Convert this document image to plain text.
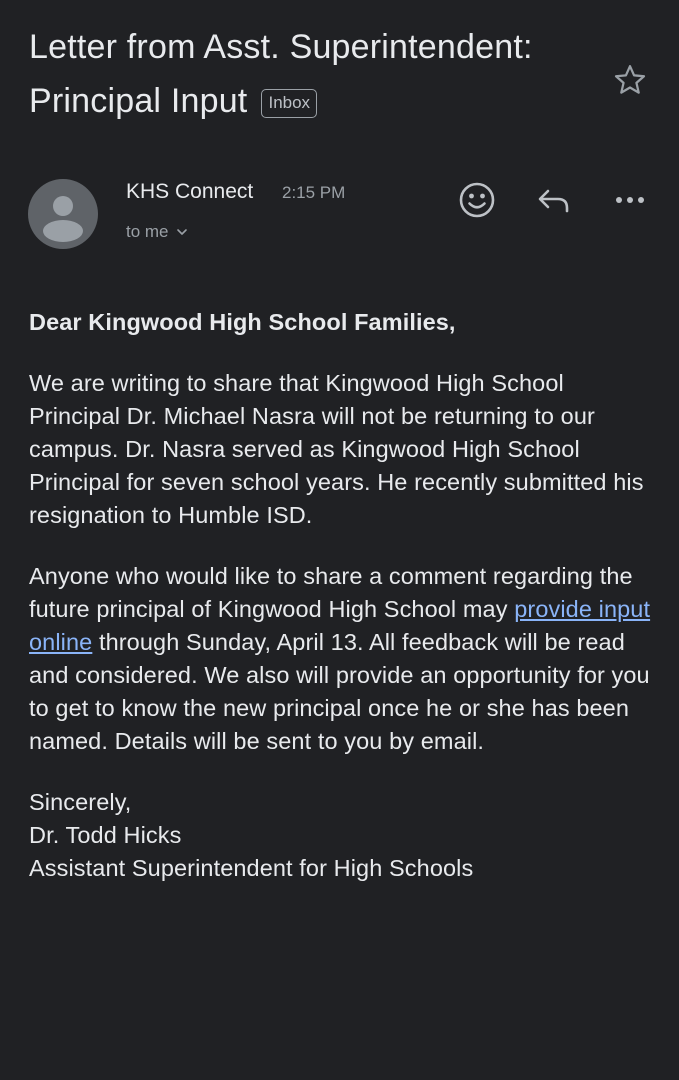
Letter from Asst. Superintendent: Principal Input Inbox
KHS Connect 2:15 PM
to me

Dear Kingwood High School Families,

We are writing to share that Kingwood High School Principal Dr. Michael Nasra will not be returning to our campus. Dr. Nasra served as Kingwood High School Principal for seven school years. He recently submitted his resignation to Humble ISD.

Anyone who would like to share a comment regarding the future principal of Kingwood High School may provide input online through Sunday, April 13. All feedback will be read and considered. We also will provide an opportunity for you to get to know the new principal once he or she has been named. Details will be sent to you by email.

Sincerely,
Dr. Todd Hicks
Assistant Superintendent for High Schools
